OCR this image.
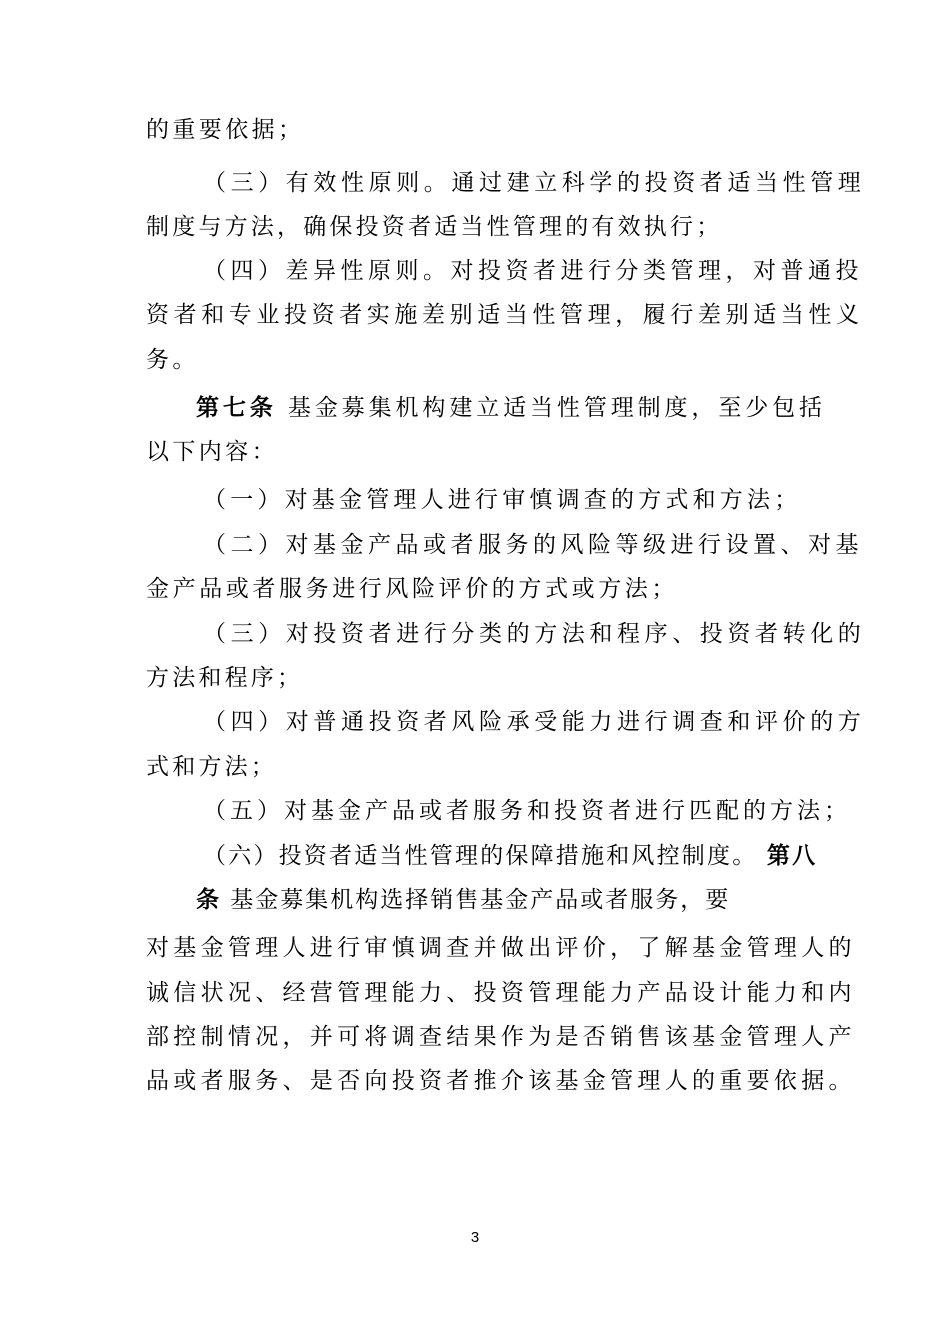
的重要依据；
（三）有效性原则。通过建立科学的投资者适当性管理
制度与方法，确保投资者适当性管理的有效执行；
（四）差异性原则。对投资者进行分类管理，对普通投
资者和专业投资者实施差别适当性管理，履行差别适当性义
务。
第七条 基金募集机构建立适当性管理制度，至少包括
以下内容：
（一）对基金管理人进行审慎调查的方式和方法；
（二）对基金产品或者服务的风险等级进行设置、对基
金产品或者服务进行风险评价的方式或方法；
（三）对投资者进行分类的方法和程序、投资者转化的
方法和程序；
（四）对普通投资者风险承受能力进行调查和评价的方
式和方法；
（五）对基金产品或者服务和投资者进行匹配的方法；
（六）投资者适当性管理的保障措施和风控制度。 第八
条 基金募集机构选择销售基金产品或者服务，要
对基金管理人进行审慎调查并做出评价，了解基金管理人的
诚信状况、经营管理能力、投资管理能力产品设计能力和内
部控制情况，并可将调查结果作为是否销售该基金管理人产
品或者服务、是否向投资者推介该基金管理人的重要依据。
3
